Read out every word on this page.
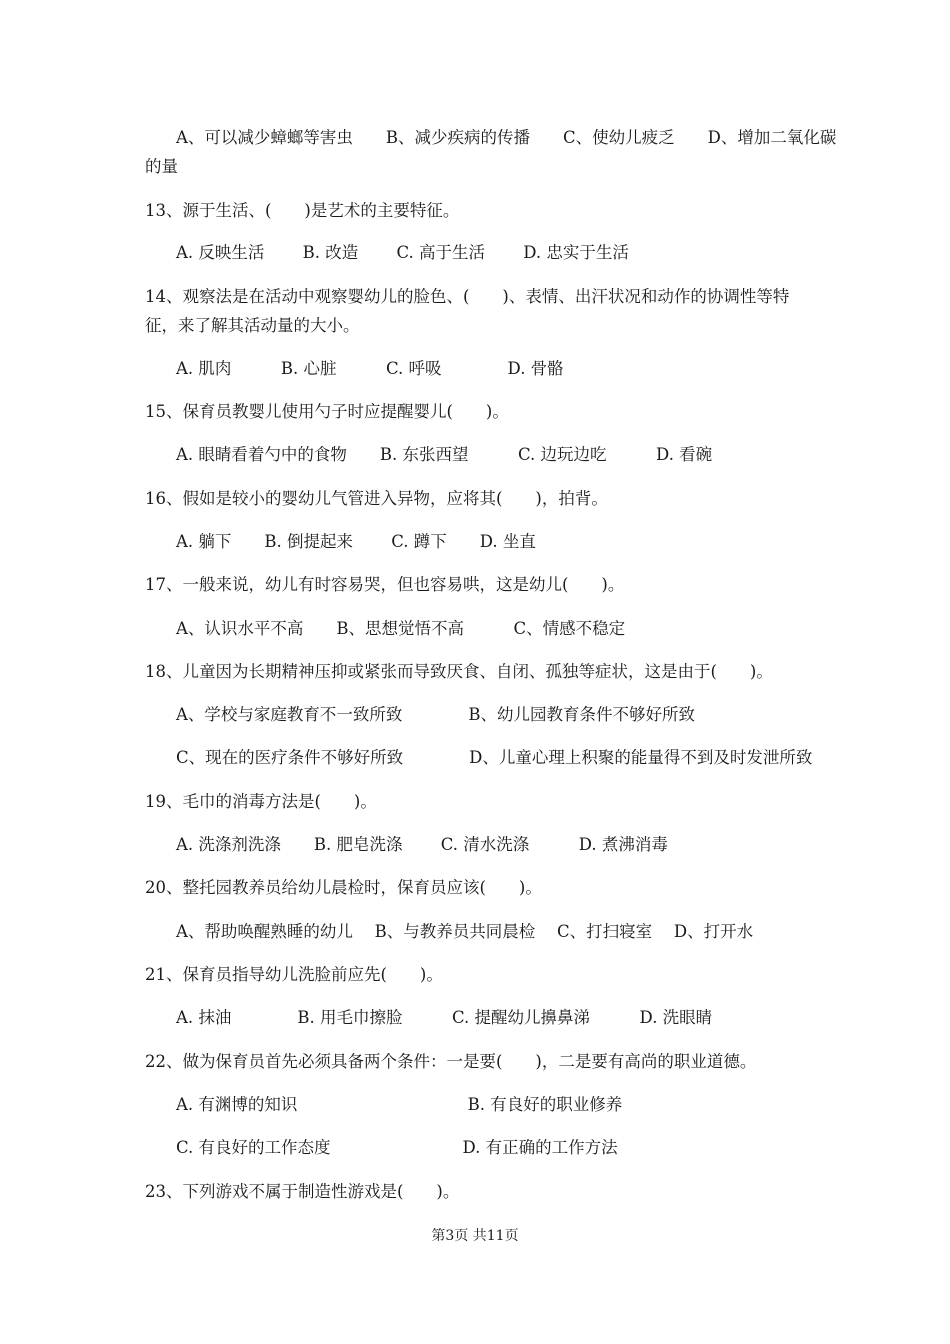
A、可以减少蟑螂等害虫　　B、减少疾病的传播　　C、使幼儿疲乏　　D、增加二氧化碳
的量
13、源于生活、(　　)是艺术的主要特征。
A. 反映生活　　 B. 改造　　 C. 高于生活　　 D. 忠实于生活
14、观察法是在活动中观察婴幼儿的脸色、(　　)、表情、出汗状况和动作的协调性等特
征，来了解其活动量的大小。
A. 肌肉　　　B. 心脏　　　C. 呼吸　　　　D. 骨骼
15、保育员教婴儿使用勺子时应提醒婴儿(　　)。
A. 眼睛看着勺中的食物　　B. 东张西望　　　C. 边玩边吃　　　D. 看碗
16、假如是较小的婴幼儿气管进入异物，应将其(　　)，拍背。
A. 躺下　　B. 倒提起来　　 C. 蹲下　　D. 坐直
17、一般来说，幼儿有时容易哭，但也容易哄，这是幼儿(　　)。
A、认识水平不高　　B、思想觉悟不高　　　C、情感不稳定
18、儿童因为长期精神压抑或紧张而导致厌食、自闭、孤独等症状，这是由于(　　)。
A、学校与家庭教育不一致所致　　　　B、幼儿园教育条件不够好所致
C、现在的医疗条件不够好所致　　　　D、儿童心理上积聚的能量得不到及时发泄所致
19、毛巾的消毒方法是(　　)。
A. 洗涤剂洗涤　　B. 肥皂洗涤　　 C. 清水洗涤　　　D. 煮沸消毒
20、整托园教养员给幼儿晨检时，保育员应该(　　)。
A、帮助唤醒熟睡的幼儿　 B、与教养员共同晨检　 C、打扫寝室　 D、打开水
21、保育员指导幼儿洗脸前应先(　　)。
A. 抹油　　　　B. 用毛巾擦脸　　　C. 提醒幼儿擤鼻涕　　　D. 洗眼睛
22、做为保育员首先必须具备两个条件：一是要(　　)，二是要有高尚的职业道德。
A. 有渊博的知识　　　　　　　　　　 B. 有良好的职业修养
C. 有良好的工作态度　　　　　　　　D. 有正确的工作方法
23、下列游戏不属于制造性游戏是(　　)。
第3页 共11页
